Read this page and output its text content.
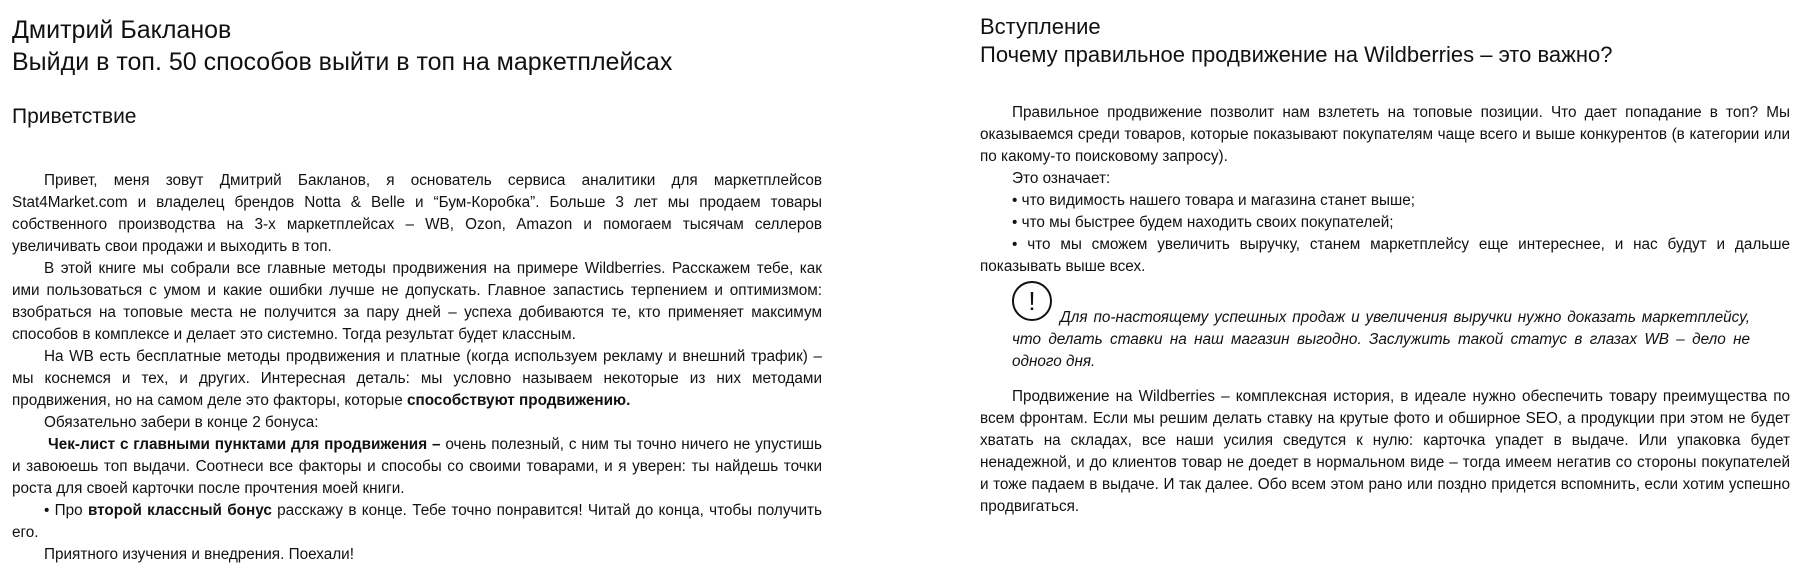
Дмитрий Бакланов
Выйди в топ. 50 способов выйти в топ на маркетплейсах
Приветствие

Привет, меня зовут Дмитрий Бакланов, я основатель сервиса аналитики для маркетплейсов Stat4Market.com и владелец брендов Notta & Belle и “Бум-Коробка”. Больше 3 лет мы продаем товары собственного производства на 3-х маркетплейсах – WB, Ozon, Amazon и помогаем тысячам селлеров увеличивать свои продажи и выходить в топ.

В этой книге мы собрали все главные методы продвижения на примере Wildberries. Расскажем тебе, как ими пользоваться с умом и какие ошибки лучше не допускать. Главное запастись терпением и оптимизмом: взобраться на топовые места не получится за пару дней – успеха добиваются те, кто применяет максимум способов в комплексе и делает это системно. Тогда результат будет классным.

На WB есть бесплатные методы продвижения и платные (когда используем рекламу и внешний трафик) – мы коснемся и тех, и других. Интересная деталь: мы условно называем некоторые из них методами продвижения, но на самом деле это факторы, которые способствуют продвижению.

Обязательно забери в конце 2 бонуса:

Чек-лист с главными пунктами для продвижения – очень полезный, с ним ты точно ничего не упустишь и завоюешь топ выдачи. Соотнеси все факторы и способы со своими товарами, и я уверен: ты найдешь точки роста для своей карточки после прочтения моей книги.

• Про второй классный бонус расскажу в конце. Тебе точно понравится! Читай до конца, чтобы получить его.

Приятного изучения и внедрения. Поехали!

Вступление
Почему правильное продвижение на Wildberries – это важно?

Правильное продвижение позволит нам взлететь на топовые позиции. Что дает попадание в топ? Мы оказываемся среди товаров, которые показывают покупателям чаще всего и выше конкурентов (в категории или по какому-то поисковому запросу).

Это означает:

• что видимость нашего товара и магазина станет выше;

• что мы быстрее будем находить своих покупателей;

• что мы сможем увеличить выручку, станем маркетплейсу еще интереснее, и нас будут и дальше показывать выше всех.

!

Для по-настоящему успешных продаж и увеличения выручки нужно доказать маркетплейсу, что делать ставки на наш магазин выгодно. Заслужить такой статус в глазах WB – дело не одного дня.

Продвижение на Wildberries – комплексная история, в идеале нужно обеспечить товару преимущества по всем фронтам. Если мы решим делать ставку на крутые фото и обширное SEO, а продукции при этом не будет хватать на складах, все наши усилия сведутся к нулю: карточка упадет в выдаче. Или упаковка будет ненадежной, и до клиентов товар не доедет в нормальном виде – тогда имеем негатив со стороны покупателей и тоже падаем в выдаче. И так далее. Обо всем этом рано или поздно придется вспомнить, если хотим успешно продвигаться.
